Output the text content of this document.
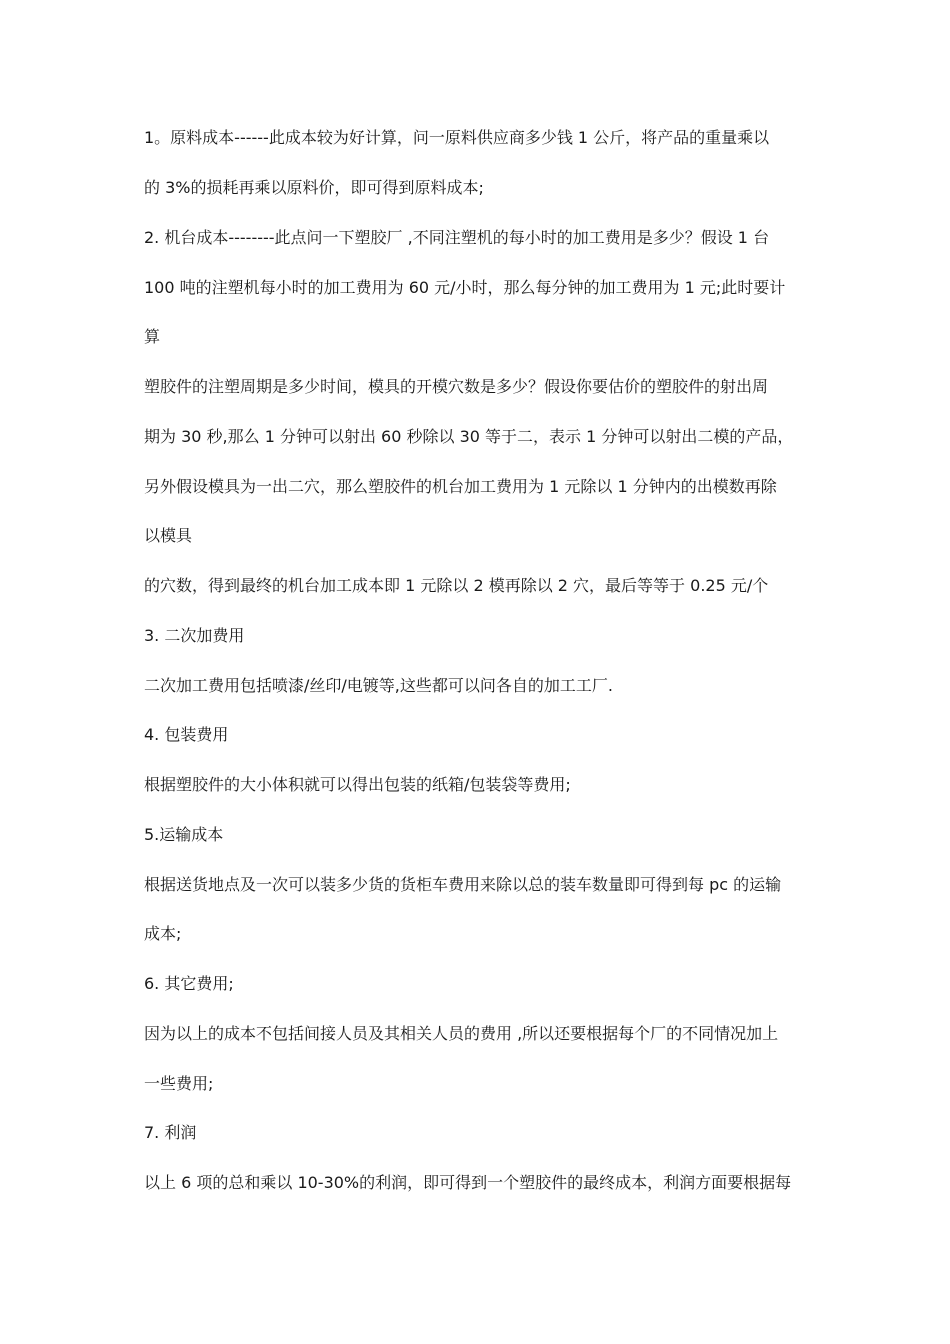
1。原料成本------此成本较为好计算，问一原料供应商多少钱 1 公斤，将产品的重量乘以
的 3%的损耗再乘以原料价，即可得到原料成本;
2. 机台成本--------此点问一下塑胶厂 ,不同注塑机的每小时的加工费用是多少？假设 1 台
100 吨的注塑机每小时的加工费用为 60 元/小时，那么每分钟的加工费用为 1 元;此时要计
算
塑胶件的注塑周期是多少时间，模具的开模穴数是多少？假设你要估价的塑胶件的射出周
期为 30 秒,那么 1 分钟可以射出 60 秒除以 30 等于二，表示 1 分钟可以射出二模的产品，
另外假设模具为一出二穴，那么塑胶件的机台加工费用为 1 元除以 1 分钟内的出模数再除
以模具
的穴数，得到最终的机台加工成本即 1 元除以 2 模再除以 2 穴，最后等等于 0.25 元/个
3. 二次加费用
二次加工费用包括喷漆/丝印/电镀等,这些都可以问各自的加工工厂.
4. 包装费用
根据塑胶件的大小体积就可以得出包装的纸箱/包装袋等费用;
5.运输成本
根据送货地点及一次可以装多少货的货柜车费用来除以总的装车数量即可得到每 pc 的运输
成本;
6. 其它费用;
因为以上的成本不包括间接人员及其相关人员的费用 ,所以还要根据每个厂的不同情况加上
一些费用;
7. 利润
以上 6 项的总和乘以 10-30%的利润，即可得到一个塑胶件的最终成本，利润方面要根据每
